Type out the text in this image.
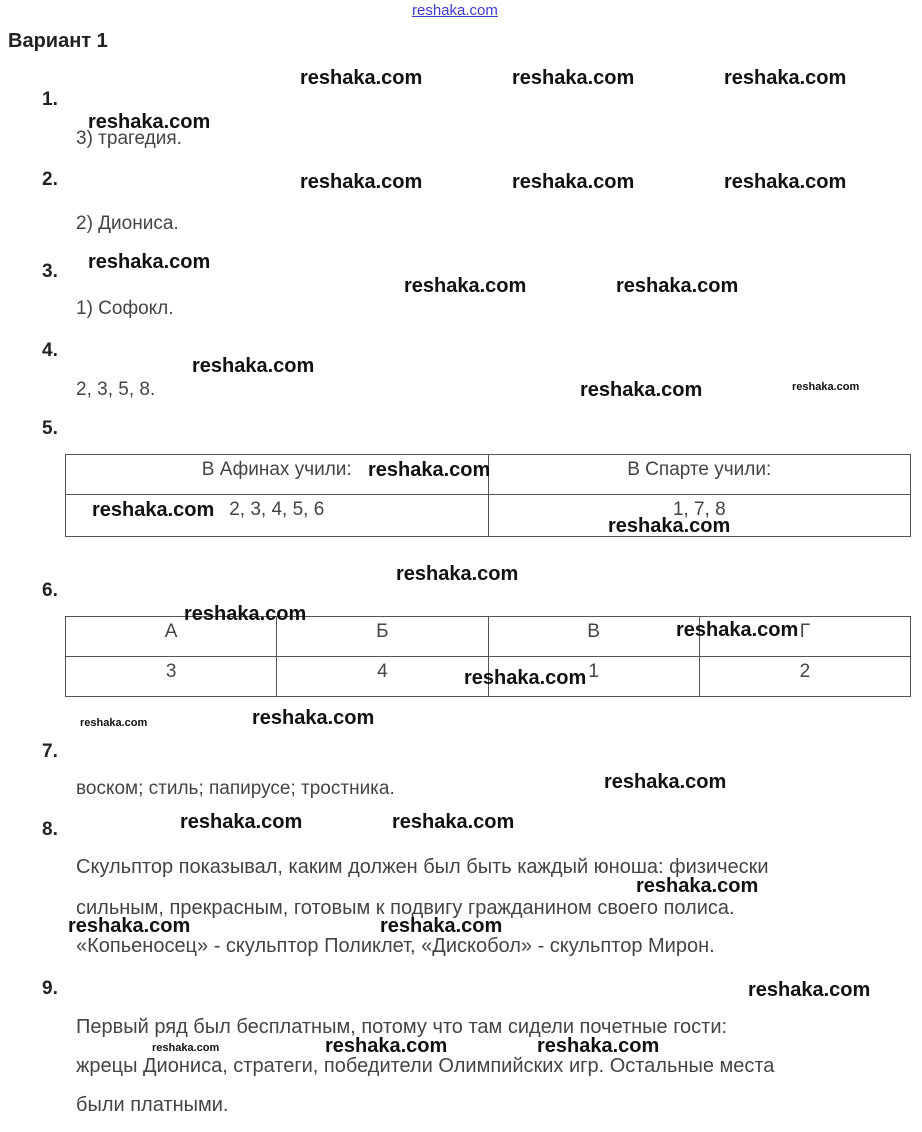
reshaka.com
Вариант 1
1.
3) трагедия.
2.
2) Диониса.
3.
1) Софокл.
4.
2, 3, 5, 8.
5.
В Афинах учили:	В Спарте учили:
2, 3, 4, 5, 6	1, 7, 8
6.
А	Б	В	Г
3	4	1	2
7.
воском; стиль; папирусе; тростника.
8.
Скульптор показывал, каким должен был быть каждый юноша: физически
сильным, прекрасным, готовым к подвигу гражданином своего полиса.
«Копьеносец» - скульптор Поликлет, «Дискобол» - скульптор Мирон.
9.
Первый ряд был бесплатным, потому что там сидели почетные гости:
жрецы Диониса, стратеги, победители Олимпийских игр. Остальные места
были платными.
reshaka.com	reshaka.com	reshaka.com
reshaka.com
reshaka.com	reshaka.com	reshaka.com
reshaka.com
reshaka.com	reshaka.com
reshaka.com
reshaka.com
reshaka.com
reshaka.com
reshaka.com
reshaka.com
reshaka.com
reshaka.com
reshaka.com
reshaka.com
reshaka.com
reshaka.com	reshaka.com
reshaka.com
reshaka.com	reshaka.com
reshaka.com
reshaka.com	reshaka.com
reshaka.com
reshaka.com
reshaka.com
